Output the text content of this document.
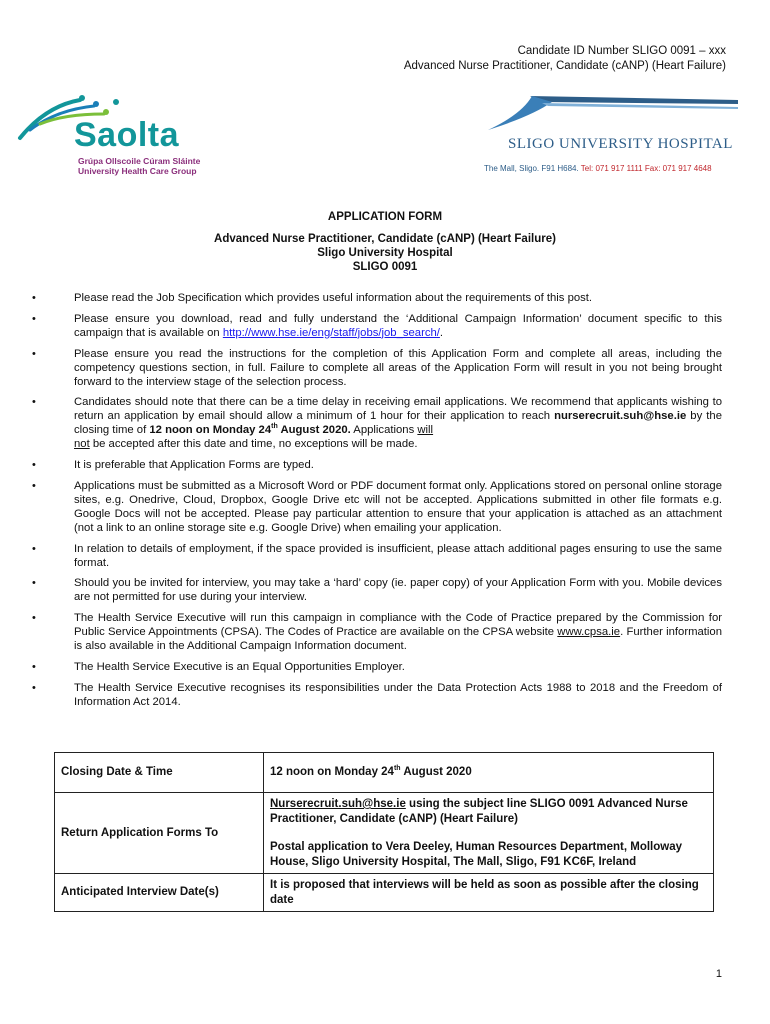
Candidate ID Number SLIGO 0091 – xxx
Advanced Nurse Practitioner, Candidate (cANP) (Heart Failure)
Saolta
Grúpa Ollscoile Cúram Sláinte
University Health Care Group
SLIGO UNIVERSITY HOSPITAL
The Mall, Sligo. F91 H684. Tel: 071 917 1111 Fax: 071 917 4648
APPLICATION FORM
Advanced Nurse Practitioner, Candidate (cANP) (Heart Failure)
Sligo University Hospital
SLIGO 0091
• Please read the Job Specification which provides useful information about the requirements of this post.
• Please ensure you download, read and fully understand the ‘Additional Campaign Information’ document specific to this campaign that is available on http://www.hse.ie/eng/staff/jobs/job_search/.
• Please ensure you read the instructions for the completion of this Application Form and complete all areas, including the competency questions section, in full. Failure to complete all areas of the Application Form will result in you not being brought forward to the interview stage of the selection process.
• Candidates should note that there can be a time delay in receiving email applications. We recommend that applicants wishing to return an application by email should allow a minimum of 1 hour for their application to reach nurserecruit.suh@hse.ie by the closing time of 12 noon on Monday 24th August 2020. Applications will
not be accepted after this date and time, no exceptions will be made.
• It is preferable that Application Forms are typed.
• Applications must be submitted as a Microsoft Word or PDF document format only. Applications stored on personal online storage sites, e.g. Onedrive, Cloud, Dropbox, Google Drive etc will not be accepted. Applications submitted in other file formats e.g. Google Docs will not be accepted. Please pay particular attention to ensure that your application is attached as an attachment (not a link to an online storage site e.g. Google Drive) when emailing your application.
• In relation to details of employment, if the space provided is insufficient, please attach additional pages ensuring to use the same format.
• Should you be invited for interview, you may take a ‘hard’ copy (ie. paper copy) of your Application Form with you. Mobile devices are not permitted for use during your interview.
• The Health Service Executive will run this campaign in compliance with the Code of Practice prepared by the Commission for Public Service Appointments (CPSA). The Codes of Practice are available on the CPSA website www.cpsa.ie. Further information is also available in the Additional Campaign Information document.
• The Health Service Executive is an Equal Opportunities Employer.
• The Health Service Executive recognises its responsibilities under the Data Protection Acts 1988 to 2018 and the Freedom of Information Act 2014.
Closing Date & Time	12 noon on Monday 24th August 2020
Return Application Forms To	Nurserecruit.suh@hse.ie using the subject line SLIGO 0091 Advanced Nurse Practitioner, Candidate (cANP) (Heart Failure)
Postal application to Vera Deeley, Human Resources Department, Molloway House, Sligo University Hospital, The Mall, Sligo, F91 KC6F, Ireland

Anticipated Interview Date(s)	It is proposed that interviews will be held as soon as possible after the closing date
1
